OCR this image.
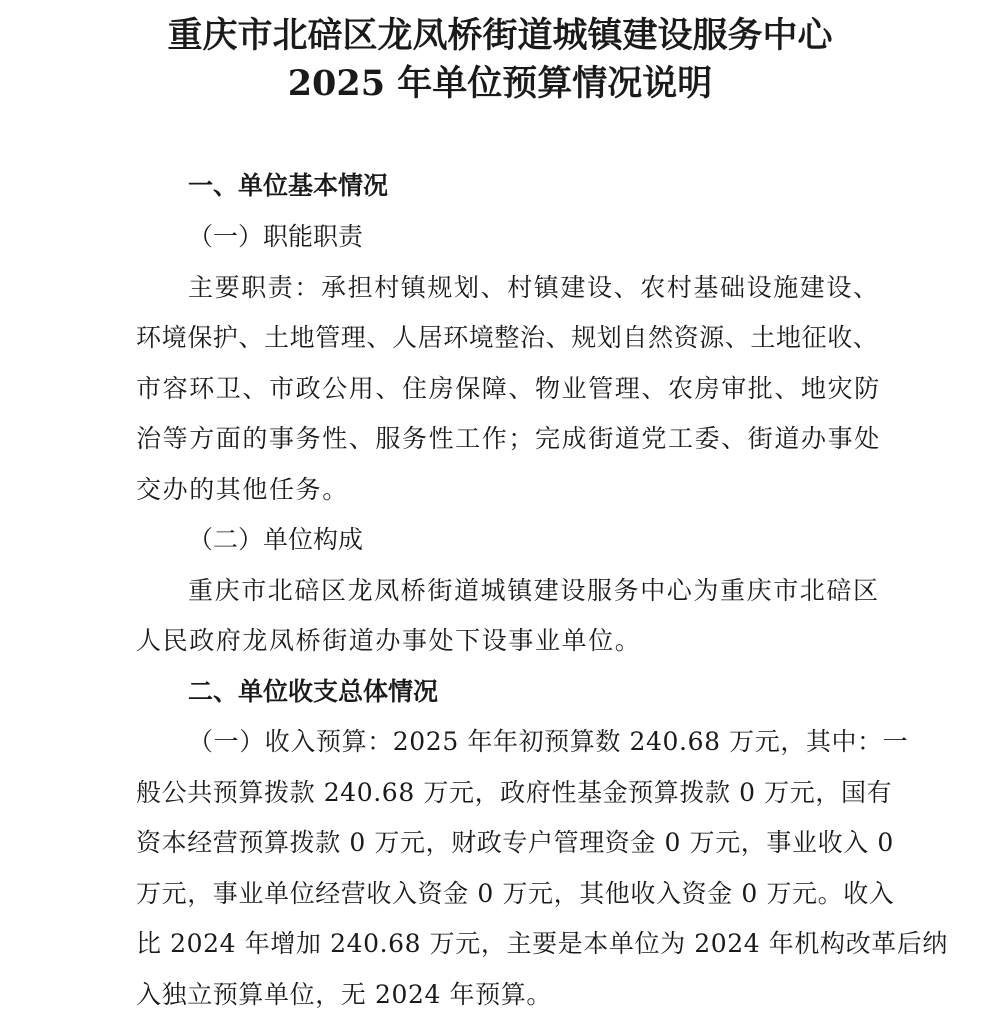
重庆市北碚区龙凤桥街道城镇建设服务中心
2025 年单位预算情况说明
一、单位基本情况
（一）职能职责
主要职责：承担村镇规划、村镇建设、农村基础设施建设、
环境保护、土地管理、人居环境整治、规划自然资源、土地征收、
市容环卫、市政公用、住房保障、物业管理、农房审批、地灾防
治等方面的事务性、服务性工作；完成街道党工委、街道办事处
交办的其他任务。
（二）单位构成
重庆市北碚区龙凤桥街道城镇建设服务中心为重庆市北碚区
人民政府龙凤桥街道办事处下设事业单位。
二、单位收支总体情况
（一）收入预算：2025 年年初预算数 240.68 万元，其中：一
般公共预算拨款 240.68 万元，政府性基金预算拨款 0 万元，国有
资本经营预算拨款 0 万元，财政专户管理资金 0 万元，事业收入 0
万元，事业单位经营收入资金 0 万元，其他收入资金 0 万元。收入
比 2024 年增加 240.68 万元，主要是本单位为 2024 年机构改革后纳
入独立预算单位，无 2024 年预算。
